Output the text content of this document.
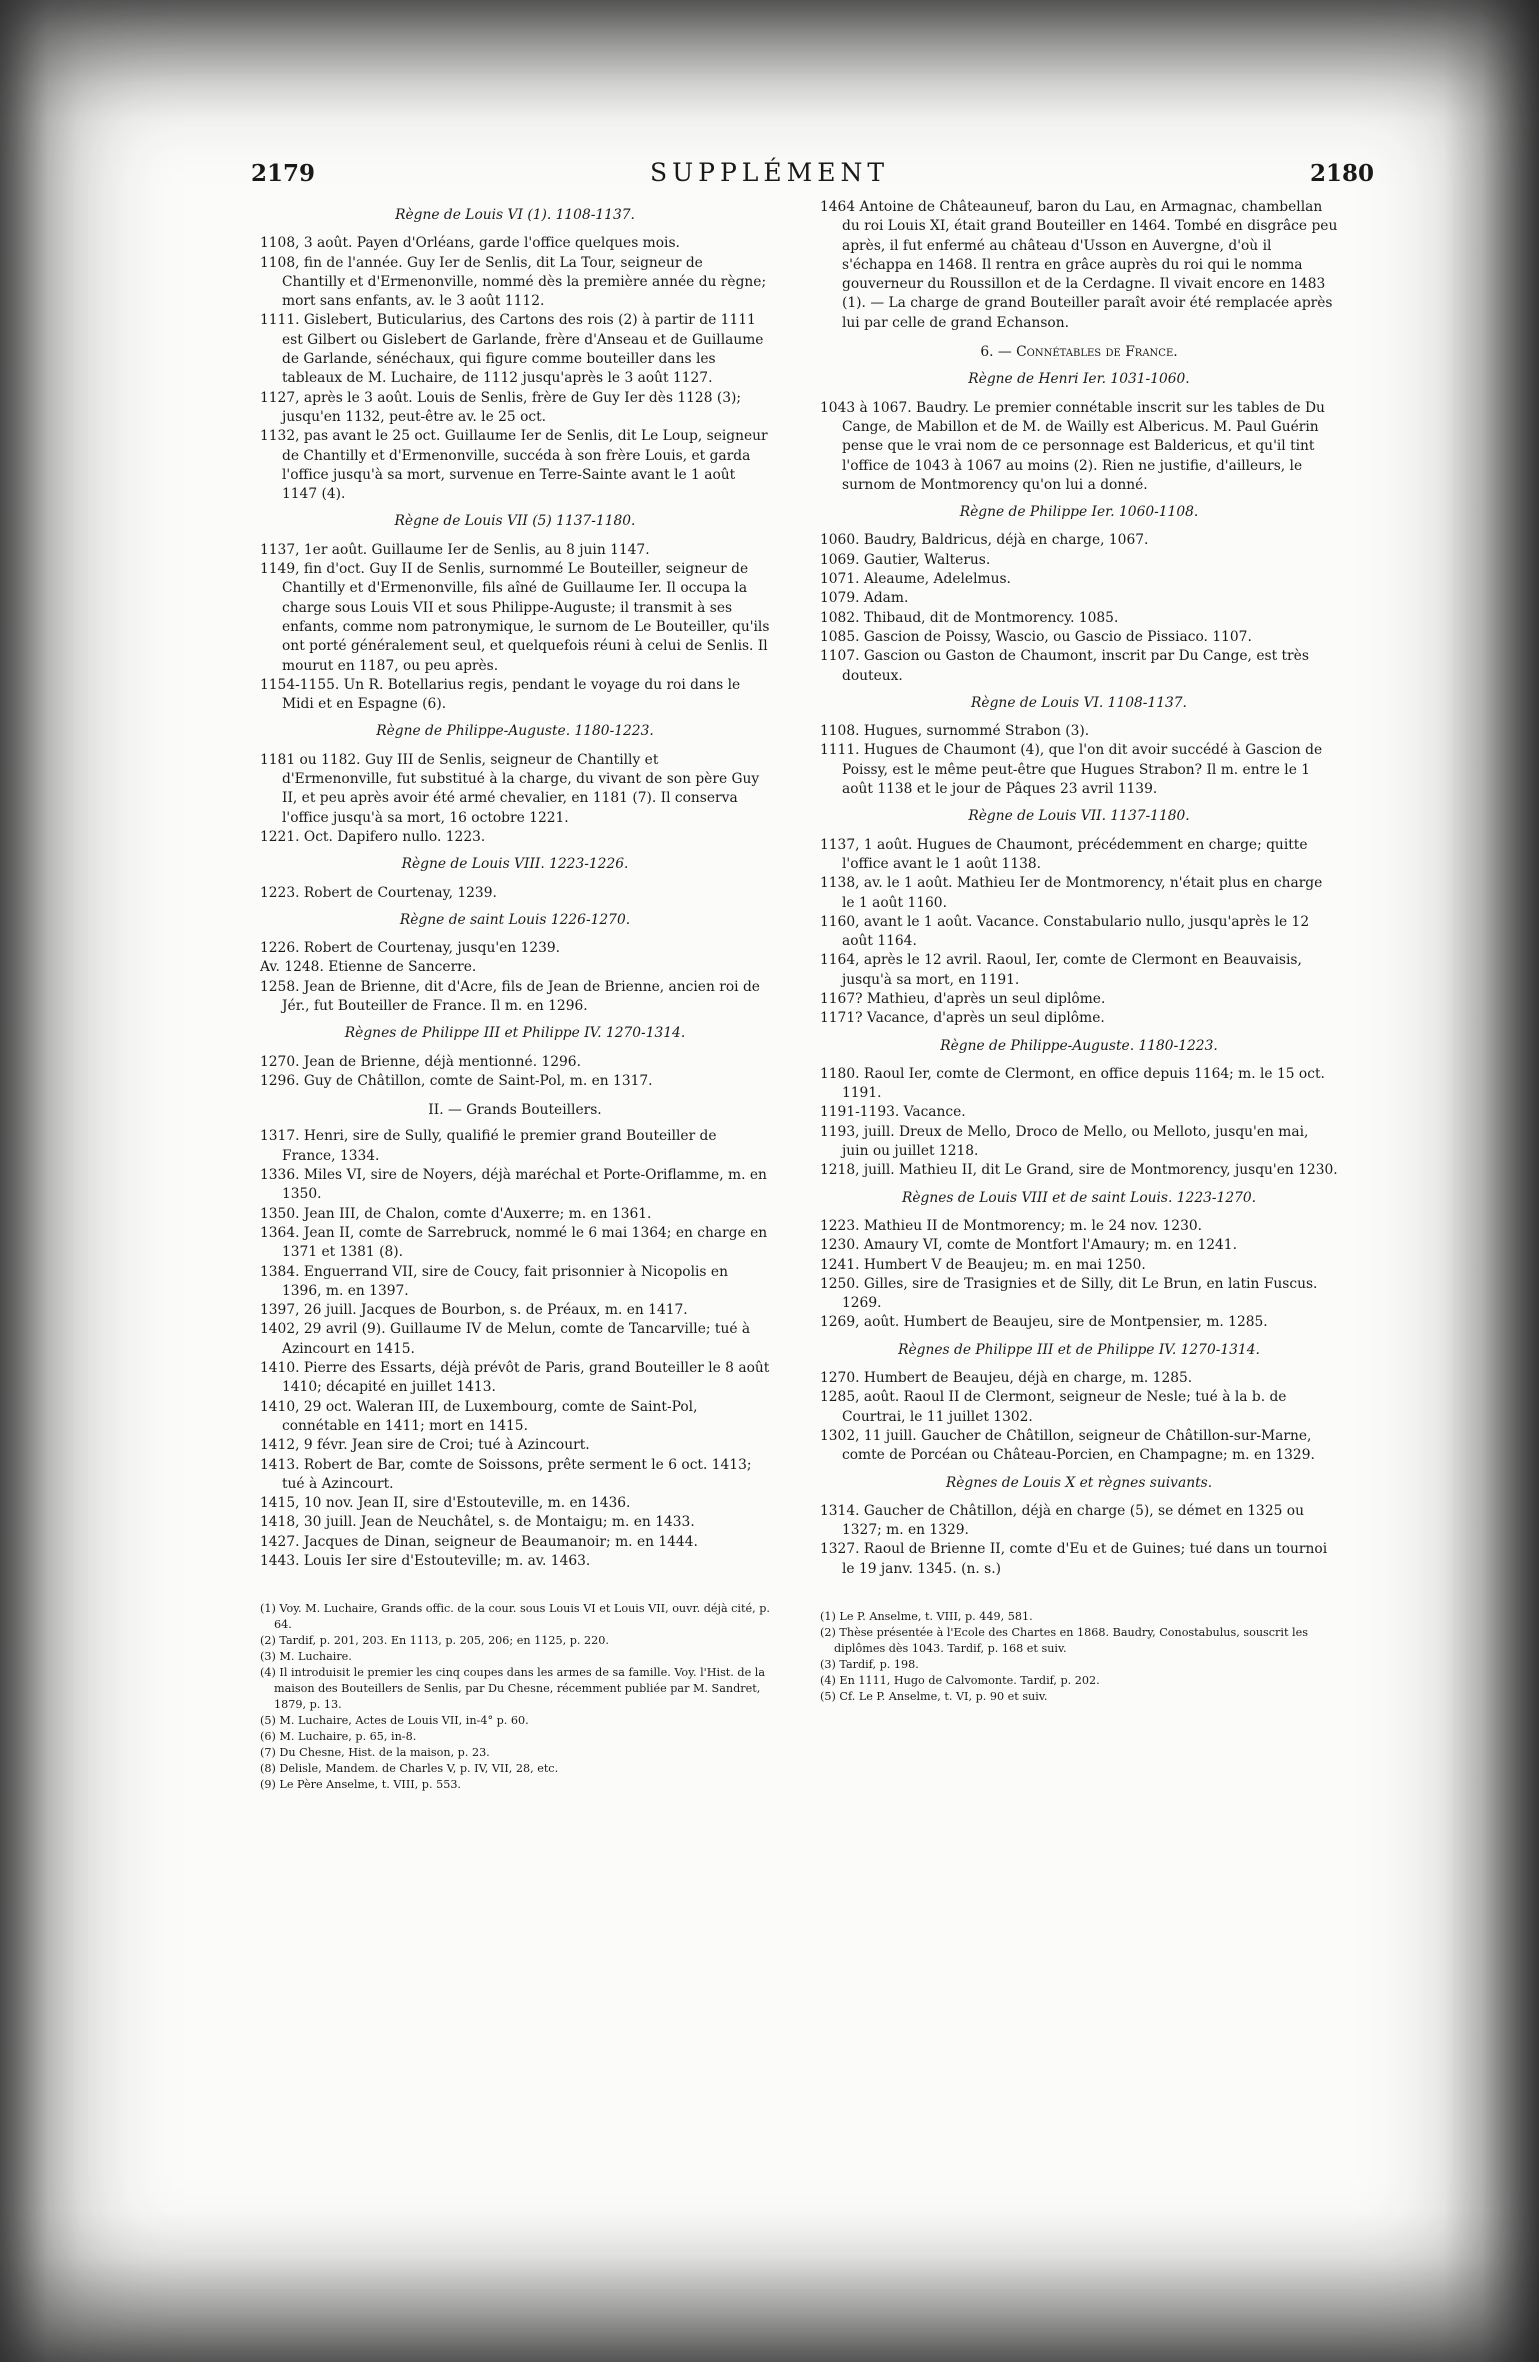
2179	SUPPLÉMENT	2180
Règne de Louis VI (1). 1108-1137.

1108, 3 août. Payen d'Orléans, garde l'office quelques mois.

1108, fin de l'année. Guy Ier de Senlis, dit La Tour, seigneur de Chantilly et d'Ermenonville, nommé dès la première année du règne; mort sans enfants, av. le 3 août 1112.

1111. Gislebert, Buticularius, des Cartons des rois (2) à partir de 1111 est Gilbert ou Gislebert de Garlande, frère d'Anseau et de Guillaume de Garlande, sénéchaux, qui figure comme bouteiller dans les tableaux de M. Luchaire, de 1112 jusqu'après le 3 août 1127.

1127, après le 3 août. Louis de Senlis, frère de Guy Ier dès 1128 (3); jusqu'en 1132, peut-être av. le 25 oct.

1132, pas avant le 25 oct. Guillaume Ier de Senlis, dit Le Loup, seigneur de Chantilly et d'Ermenonville, succéda à son frère Louis, et garda l'office jusqu'à sa mort, survenue en Terre-Sainte avant le 1 août 1147 (4).

Règne de Louis VII (5) 1137-1180.

1137, 1er août. Guillaume Ier de Senlis, au 8 juin 1147.

1149, fin d'oct. Guy II de Senlis, surnommé Le Bouteiller, seigneur de Chantilly et d'Ermenonville, fils aîné de Guillaume Ier. Il occupa la charge sous Louis VII et sous Philippe-Auguste; il transmit à ses enfants, comme nom patronymique, le surnom de Le Bouteiller, qu'ils ont porté généralement seul, et quelquefois réuni à celui de Senlis. Il mourut en 1187, ou peu après.

1154-1155. Un R. Botellarius regis, pendant le voyage du roi dans le Midi et en Espagne (6).

Règne de Philippe-Auguste. 1180-1223.

1181 ou 1182. Guy III de Senlis, seigneur de Chantilly et d'Ermenonville, fut substitué à la charge, du vivant de son père Guy II, et peu après avoir été armé chevalier, en 1181 (7). Il conserva l'office jusqu'à sa mort, 16 octobre 1221.

1221. Oct. Dapifero nullo. 1223.

Règne de Louis VIII. 1223-1226.

1223. Robert de Courtenay, 1239.

Règne de saint Louis 1226-1270.

1226. Robert de Courtenay, jusqu'en 1239.

Av. 1248. Etienne de Sancerre.

1258. Jean de Brienne, dit d'Acre, fils de Jean de Brienne, ancien roi de Jér., fut Bouteiller de France. Il m. en 1296.

Règnes de Philippe III et Philippe IV. 1270-1314.

1270. Jean de Brienne, déjà mentionné. 1296.

1296. Guy de Châtillon, comte de Saint-Pol, m. en 1317.

II. — Grands Bouteillers.

1317. Henri, sire de Sully, qualifié le premier grand Bouteiller de France, 1334.

1336. Miles VI, sire de Noyers, déjà maréchal et Porte-Oriflamme, m. en 1350.

1350. Jean III, de Chalon, comte d'Auxerre; m. en 1361.

1364. Jean II, comte de Sarrebruck, nommé le 6 mai 1364; en charge en 1371 et 1381 (8).

1384. Enguerrand VII, sire de Coucy, fait prisonnier à Nicopolis en 1396, m. en 1397.

1397, 26 juill. Jacques de Bourbon, s. de Préaux, m. en 1417.

1402, 29 avril (9). Guillaume IV de Melun, comte de Tancarville; tué à Azincourt en 1415.

1410. Pierre des Essarts, déjà prévôt de Paris, grand Bouteiller le 8 août 1410; décapité en juillet 1413.

1410, 29 oct. Waleran III, de Luxembourg, comte de Saint-Pol, connétable en 1411; mort en 1415.

1412, 9 févr. Jean sire de Croi; tué à Azincourt.

1413. Robert de Bar, comte de Soissons, prête serment le 6 oct. 1413; tué à Azincourt.

1415, 10 nov. Jean II, sire d'Estouteville, m. en 1436.

1418, 30 juill. Jean de Neuchâtel, s. de Montaigu; m. en 1433.

1427. Jacques de Dinan, seigneur de Beaumanoir; m. en 1444.

1443. Louis Ier sire d'Estouteville; m. av. 1463.

(1) Voy. M. Luchaire, Grands offic. de la cour. sous Louis VI et Louis VII, ouvr. déjà cité, p. 64.

(2) Tardif, p. 201, 203. En 1113, p. 205, 206; en 1125, p. 220.

(3) M. Luchaire.

(4) Il introduisit le premier les cinq coupes dans les armes de sa famille. Voy. l'Hist. de la maison des Bouteillers de Senlis, par Du Chesne, récemment publiée par M. Sandret, 1879, p. 13.

(5) M. Luchaire, Actes de Louis VII, in-4° p. 60.

(6) M. Luchaire, p. 65, in-8.

(7) Du Chesne, Hist. de la maison, p. 23.

(8) Delisle, Mandem. de Charles V, p. IV, VII, 28, etc.

(9) Le Père Anselme, t. VIII, p. 553.

1464 Antoine de Châteauneuf, baron du Lau, en Armagnac, chambellan du roi Louis XI, était grand Bouteiller en 1464. Tombé en disgrâce peu après, il fut enfermé au château d'Usson en Auvergne, d'où il s'échappa en 1468. Il rentra en grâce auprès du roi qui le nomma gouverneur du Roussillon et de la Cerdagne. Il vivait encore en 1483 (1). — La charge de grand Bouteiller paraît avoir été remplacée après lui par celle de grand Echanson.

6. — Connétables de France.
Règne de Henri Ier. 1031-1060.

1043 à 1067. Baudry. Le premier connétable inscrit sur les tables de Du Cange, de Mabillon et de M. de Wailly est Albericus. M. Paul Guérin pense que le vrai nom de ce personnage est Baldericus, et qu'il tint l'office de 1043 à 1067 au moins (2). Rien ne justifie, d'ailleurs, le surnom de Montmorency qu'on lui a donné.

Règne de Philippe Ier. 1060-1108.

1060. Baudry, Baldricus, déjà en charge, 1067.

1069. Gautier, Walterus.

1071. Aleaume, Adelelmus.

1079. Adam.

1082. Thibaud, dit de Montmorency. 1085.

1085. Gascion de Poissy, Wascio, ou Gascio de Pissiaco. 1107.

1107. Gascion ou Gaston de Chaumont, inscrit par Du Cange, est très douteux.

Règne de Louis VI. 1108-1137.

1108. Hugues, surnommé Strabon (3).

1111. Hugues de Chaumont (4), que l'on dit avoir succédé à Gascion de Poissy, est le même peut-être que Hugues Strabon? Il m. entre le 1 août 1138 et le jour de Pâques 23 avril 1139.

Règne de Louis VII. 1137-1180.

1137, 1 août. Hugues de Chaumont, précédemment en charge; quitte l'office avant le 1 août 1138.

1138, av. le 1 août. Mathieu Ier de Montmorency, n'était plus en charge le 1 août 1160.

1160, avant le 1 août. Vacance. Constabulario nullo, jusqu'après le 12 août 1164.

1164, après le 12 avril. Raoul, Ier, comte de Clermont en Beauvaisis, jusqu'à sa mort, en 1191.

1167? Mathieu, d'après un seul diplôme.

1171? Vacance, d'après un seul diplôme.

Règne de Philippe-Auguste. 1180-1223.

1180. Raoul Ier, comte de Clermont, en office depuis 1164; m. le 15 oct. 1191.

1191-1193. Vacance.

1193, juill. Dreux de Mello, Droco de Mello, ou Melloto, jusqu'en mai, juin ou juillet 1218.

1218, juill. Mathieu II, dit Le Grand, sire de Montmorency, jusqu'en 1230.

Règnes de Louis VIII et de saint Louis. 1223-1270.

1223. Mathieu II de Montmorency; m. le 24 nov. 1230.

1230. Amaury VI, comte de Montfort l'Amaury; m. en 1241.

1241. Humbert V de Beaujeu; m. en mai 1250.

1250. Gilles, sire de Trasignies et de Silly, dit Le Brun, en latin Fuscus. 1269.

1269, août. Humbert de Beaujeu, sire de Montpensier, m. 1285.

Règnes de Philippe III et de Philippe IV. 1270-1314.

1270. Humbert de Beaujeu, déjà en charge, m. 1285.

1285, août. Raoul II de Clermont, seigneur de Nesle; tué à la b. de Courtrai, le 11 juillet 1302.

1302, 11 juill. Gaucher de Châtillon, seigneur de Châtillon-sur-Marne, comte de Porcéan ou Château-Porcien, en Champagne; m. en 1329.

Règnes de Louis X et règnes suivants.

1314. Gaucher de Châtillon, déjà en charge (5), se démet en 1325 ou 1327; m. en 1329.

1327. Raoul de Brienne II, comte d'Eu et de Guines; tué dans un tournoi le 19 janv. 1345. (n. s.)

(1) Le P. Anselme, t. VIII, p. 449, 581.

(2) Thèse présentée à l'Ecole des Chartes en 1868. Baudry, Conostabulus, souscrit les diplômes dès 1043. Tardif, p. 168 et suiv.

(3) Tardif, p. 198.

(4) En 1111, Hugo de Calvomonte. Tardif, p. 202.

(5) Cf. Le P. Anselme, t. VI, p. 90 et suiv.
